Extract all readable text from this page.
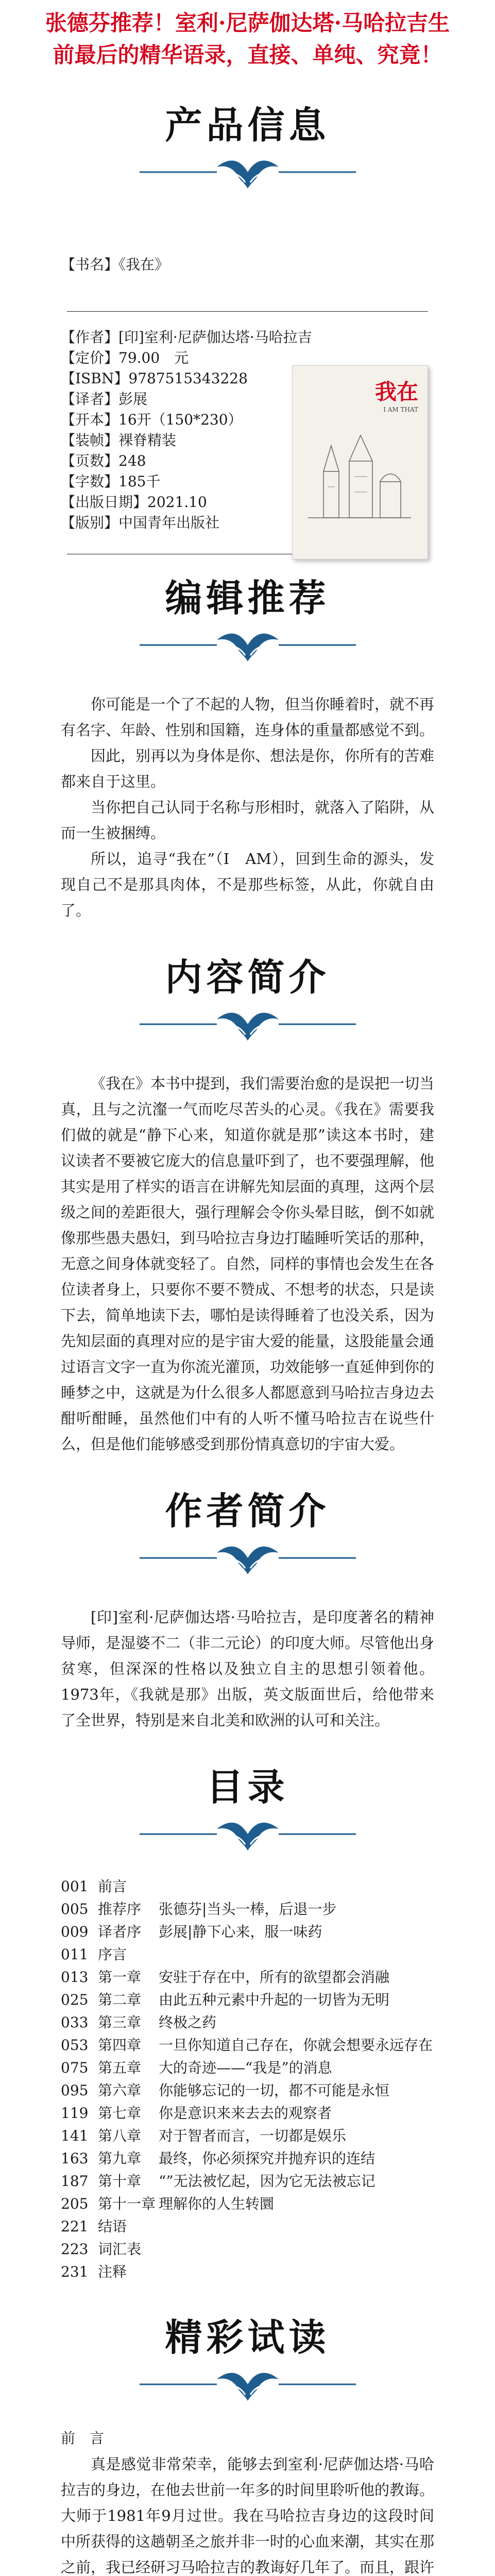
张德芬推荐！室利·尼萨伽达塔·马哈拉吉生
前最后的精华语录，直接、单纯、究竟！
产品信息
【书名】《我在》
【作者】[印]室利·尼萨伽达塔·马哈拉吉
【定价】79.00　元
【ISBN】9787515343228
【译者】彭展
【开本】16开（150*230）
【装帧】裸脊精装
【页数】248
【字数】185千
【出版日期】2021.10
【版别】中国青年出版社
我在
I AM THAT
编辑推荐

你可能是一个了不起的人物，但当你睡着时，就不再有名字、年龄、性别和国籍，连身体的重量都感觉不到。

因此，别再以为身体是你、想法是你，你所有的苦难都来自于这里。

当你把自己认同于名称与形相时，就落入了陷阱，从而一生被捆缚。

所以，追寻“我在”（I　AM），回到生命的源头，发现自己不是那具肉体，不是那些标签，从此，你就自由了。

内容简介

《我在》本书中提到，我们需要治愈的是误把一切当真，且与之沆瀣一气而吃尽苦头的心灵。《我在》需要我们做的就是“静下心来，知道你就是那”读这本书时，建议读者不要被它庞大的信息量吓到了，也不要强理解，他其实是用了样实的语言在讲解先知层面的真理，这两个层级之间的差距很大，强行理解会令你头晕目眩，倒不如就像那些愚夫愚妇，到马哈拉吉身边打瞌睡听笑话的那种，无意之间身体就变轻了。自然，同样的事情也会发生在各位读者身上，只要你不要不赞成、不想考的状态，只是读下去，简单地读下去，哪怕是读得睡着了也没关系，因为先知层面的真理对应的是宇宙大爱的能量，这股能量会通过语言文字一直为你流光灌顶，功效能够一直延伸到你的睡梦之中，这就是为什么很多人都愿意到马哈拉吉身边去酣听酣睡，虽然他们中有的人听不懂马哈拉吉在说些什么，但是他们能够感受到那份情真意切的宇宙大爱。

作者简介

[印]室利·尼萨伽达塔·马哈拉吉，是印度著名的精神导师，是湿婆不二（非二元论）的印度大师。尽管他出身贫寒，但深深的性格以及独立自主的思想引领着他。1973年，《我就是那》出版，英文版面世后，给他带来了全世界，特别是来自北美和欧洲的认可和关注。

目录
001 前言
005 推荐序	张德芬|当头一棒，后退一步
009 译者序	彭展|静下心来，服一味药
011 序言
013 第一章	安驻于存在中，所有的欲望都会消融
025 第二章	由此五种元素中升起的一切皆为无明
033 第三章	终极之药
053 第四章	一旦你知道自己存在，你就会想要永远存在
075 第五章	大的奇迹——“我是”的消息
095 第六章	你能够忘记的一切，都不可能是永恒
119 第七章	你是意识来来去去的观察者
141 第八章	对于智者而言，一切都是娱乐
163 第九章	最终，你必须探究并抛弃识的连结
187 第十章	“”无法被忆起，因为它无法被忘记
205 第十一章 理解你的人生转圜
221 结语
223 词汇表
231 注释
精彩试读
前　言

真是感觉非常荣幸，能够去到室利·尼萨伽达塔·马哈拉吉的身边，在他去世前一年多的时间里聆听他的教诲。大师于1981年9月过世。我在马哈拉吉身边的这段时间中所获得的这趟朝圣之旅并非一时的心血来潮，其实在那之前，我已经研习马哈拉吉的教诲好几年了。而且，跟许
